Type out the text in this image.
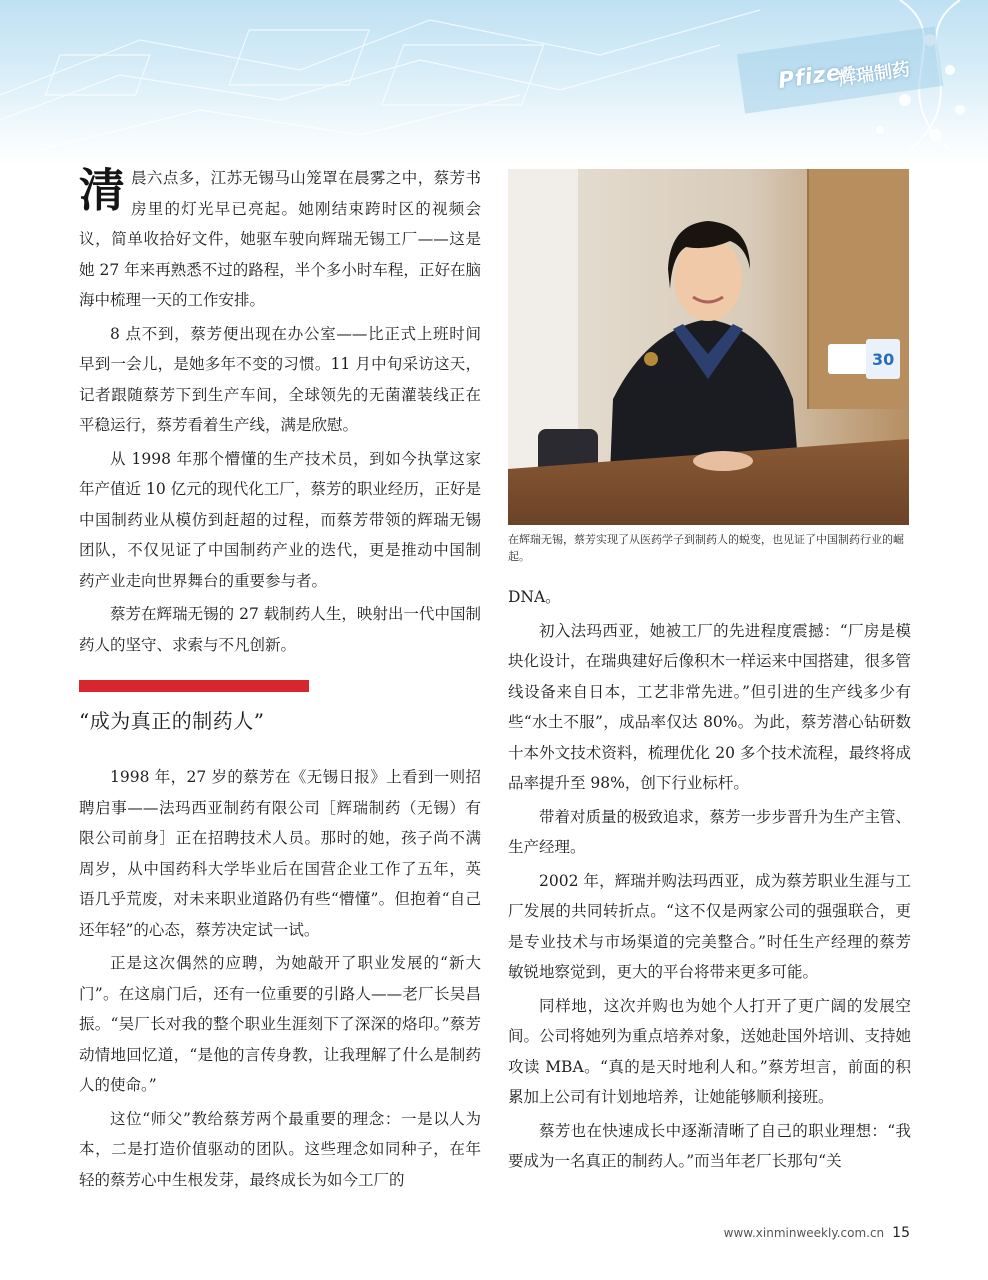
Pfizer
辉瑞制药

清晨六点多，江苏无锡马山笼罩在晨雾之中，蔡芳书房里的灯光早已亮起。她刚结束跨时区的视频会议，简单收拾好文件，她驱车驶向辉瑞无锡工厂——这是她 27 年来再熟悉不过的路程，半个多小时车程，正好在脑海中梳理一天的工作安排。

8 点不到，蔡芳便出现在办公室——比正式上班时间早到一会儿，是她多年不变的习惯。11 月中旬采访这天，记者跟随蔡芳下到生产车间，全球领先的无菌灌装线正在平稳运行，蔡芳看着生产线，满是欣慰。

从 1998 年那个懵懂的生产技术员，到如今执掌这家年产值近 10 亿元的现代化工厂，蔡芳的职业经历，正好是中国制药业从模仿到赶超的过程，而蔡芳带领的辉瑞无锡团队，不仅见证了中国制药产业的迭代，更是推动中国制药产业走向世界舞台的重要参与者。

蔡芳在辉瑞无锡的 27 载制药人生，映射出一代中国制药人的坚守、求索与不凡创新。

“成为真正的制药人”

1998 年，27 岁的蔡芳在《无锡日报》上看到一则招聘启事——法玛西亚制药有限公司［辉瑞制药（无锡）有限公司前身］正在招聘技术人员。那时的她，孩子尚不满周岁，从中国药科大学毕业后在国营企业工作了五年，英语几乎荒废，对未来职业道路仍有些“懵懂”。但抱着“自己还年轻”的心态，蔡芳决定试一试。

正是这次偶然的应聘，为她敲开了职业发展的“新大门”。在这扇门后，还有一位重要的引路人——老厂长吴昌振。“吴厂长对我的整个职业生涯刻下了深深的烙印。”蔡芳动情地回忆道，“是他的言传身教，让我理解了什么是制药人的使命。”

这位“师父”教给蔡芳两个最重要的理念：一是以人为本，二是打造价值驱动的团队。这些理念如同种子，在年轻的蔡芳心中生根发芽，最终成长为如今工厂的

30
在辉瑞无锡，蔡芳实现了从医药学子到制药人的蜕变，也见证了中国制药行业的崛起。

DNA。

初入法玛西亚，她被工厂的先进程度震撼：“厂房是模块化设计，在瑞典建好后像积木一样运来中国搭建，很多管线设备来自日本，工艺非常先进。”但引进的生产线多少有些“水土不服”，成品率仅达 80%。为此，蔡芳潜心钻研数十本外文技术资料，梳理优化 20 多个技术流程，最终将成品率提升至 98%，创下行业标杆。

带着对质量的极致追求，蔡芳一步步晋升为生产主管、生产经理。

2002 年，辉瑞并购法玛西亚，成为蔡芳职业生涯与工厂发展的共同转折点。“这不仅是两家公司的强强联合，更是专业技术与市场渠道的完美整合。”时任生产经理的蔡芳敏锐地察觉到，更大的平台将带来更多可能。

同样地，这次并购也为她个人打开了更广阔的发展空间。公司将她列为重点培养对象，送她赴国外培训、支持她攻读 MBA。“真的是天时地利人和。”蔡芳坦言，前面的积累加上公司有计划地培养，让她能够顺利接班。

蔡芳也在快速成长中逐渐清晰了自己的职业理想：“我要成为一名真正的制药人。”而当年老厂长那句“关

www.xinminweekly.com.cn 15
